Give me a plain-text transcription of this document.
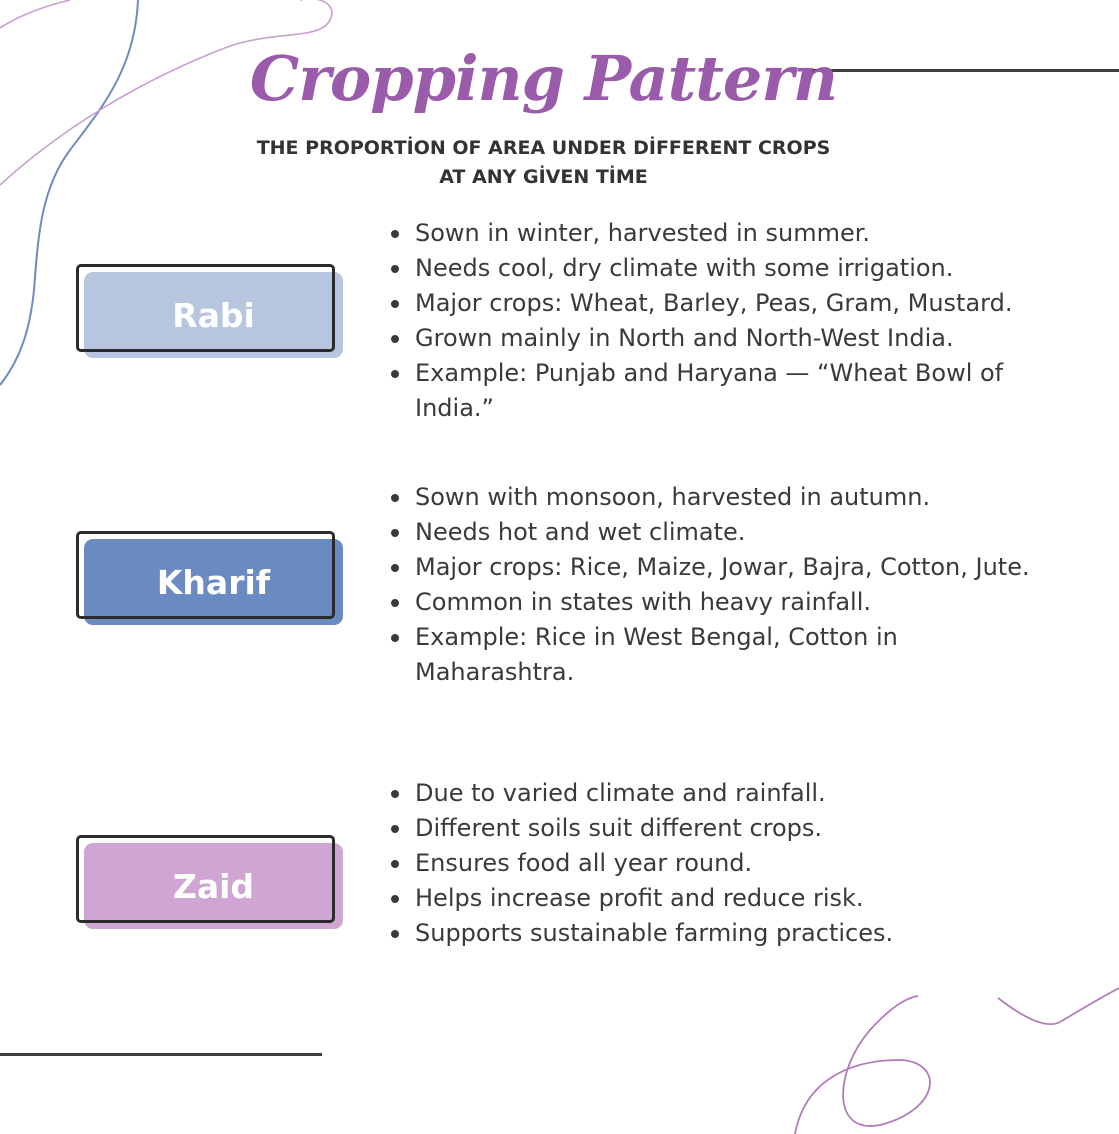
Cropping Pattern
THE PROPORTİON OF AREA UNDER DİFFERENT CROPS
AT ANY GİVEN TİME
Rabi
Sown in winter, harvested in summer.
Needs cool, dry climate with some irrigation.
Major crops: Wheat, Barley, Peas, Gram, Mustard.
Grown mainly in North and North-West India.
Example: Punjab and Haryana — “Wheat Bowl of India.”
Kharif
Sown with monsoon, harvested in autumn.
Needs hot and wet climate.
Major crops: Rice, Maize, Jowar, Bajra, Cotton, Jute.
Common in states with heavy rainfall.
Example: Rice in West Bengal, Cotton in Maharashtra.
Zaid
Due to varied climate and rainfall.
Different soils suit different crops.
Ensures food all year round.
Helps increase profit and reduce risk.
Supports sustainable farming practices.
